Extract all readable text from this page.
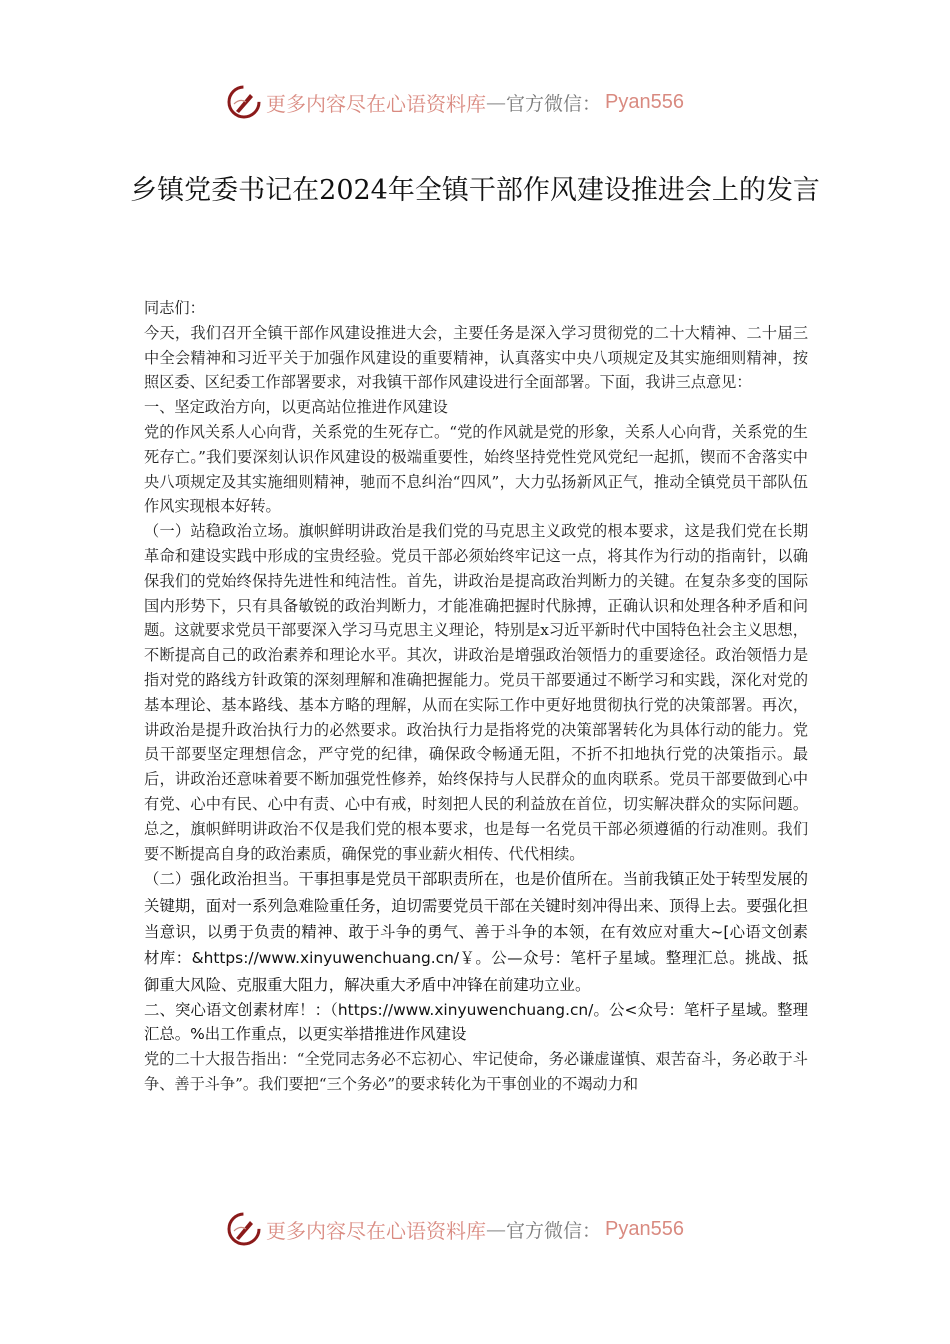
更多内容尽在心语资料库 — 官方微信： Pyan556
乡镇党委书记在2024年全镇干部作风建设推进会上的发言

同志们：

今天，我们召开全镇干部作风建设推进大会，主要任务是深入学习贯彻党的二十大精神、二十届三中全会精神和习近平关于加强作风建设的重要精神，认真落实中央八项规定及其实施细则精神，按照区委、区纪委工作部署要求，对我镇干部作风建设进行全面部署。下面，我讲三点意见：

一、坚定政治方向，以更高站位推进作风建设

党的作风关系人心向背，关系党的生死存亡。“党的作风就是党的形象，关系人心向背，关系党的生死存亡。”我们要深刻认识作风建设的极端重要性，始终坚持党性党风党纪一起抓，锲而不舍落实中央八项规定及其实施细则精神，驰而不息纠治“四风”，大力弘扬新风正气，推动全镇党员干部队伍作风实现根本好转。

（一）站稳政治立场。旗帜鲜明讲政治是我们党的马克思主义政党的根本要求，这是我们党在长期革命和建设实践中形成的宝贵经验。党员干部必须始终牢记这一点，将其作为行动的指南针，以确保我们的党始终保持先进性和纯洁性。首先，讲政治是提高政治判断力的关键。在复杂多变的国际国内形势下，只有具备敏锐的政治判断力，才能准确把握时代脉搏，正确认识和处理各种矛盾和问题。这就要求党员干部要深入学习马克思主义理论，特别是x习近平新时代中国特色社会主义思想，不断提高自己的政治素养和理论水平。其次，讲政治是增强政治领悟力的重要途径。政治领悟力是指对党的路线方针政策的深刻理解和准确把握能力。党员干部要通过不断学习和实践，深化对党的基本理论、基本路线、基本方略的理解，从而在实际工作中更好地贯彻执行党的决策部署。再次，讲政治是提升政治执行力的必然要求。政治执行力是指将党的决策部署转化为具体行动的能力。党员干部要坚定理想信念，严守党的纪律，确保政令畅通无阻，不折不扣地执行党的决策指示。最后，讲政治还意味着要不断加强党性修养，始终保持与人民群众的血肉联系。党员干部要做到心中有党、心中有民、心中有责、心中有戒，时刻把人民的利益放在首位，切实解决群众的实际问题。总之，旗帜鲜明讲政治不仅是我们党的根本要求，也是每一名党员干部必须遵循的行动准则。我们要不断提高自身的政治素质，确保党的事业薪火相传、代代相续。

（二）强化政治担当。干事担事是党员干部职责所在，也是价值所在。当前我镇正处于转型发展的关键期，面对一系列急难险重任务，迫切需要党员干部在关键时刻冲得出来、顶得上去。要强化担当意识，以勇于负责的精神、敢于斗争的勇气、善于斗争的本领，在有效应对重大~[心语文创素材库：&https://www.xinyuwenchuang.cn/￥。公—众号：笔杆子星域。整理汇总。挑战、抵御重大风险、克服重大阻力，解决重大矛盾中冲锋在前建功立业。

二、突心语文创素材库！：（https://www.xinyuwenchuang.cn/。公<众号：笔杆子星域。整理汇总。%出工作重点，以更实举措推进作风建设

党的二十大报告指出：“全党同志务必不忘初心、牢记使命，务必谦虚谨慎、艰苦奋斗，务必敢于斗争、善于斗争”。我们要把“三个务必”的要求转化为干事创业的不竭动力和

更多内容尽在心语资料库 — 官方微信： Pyan556
